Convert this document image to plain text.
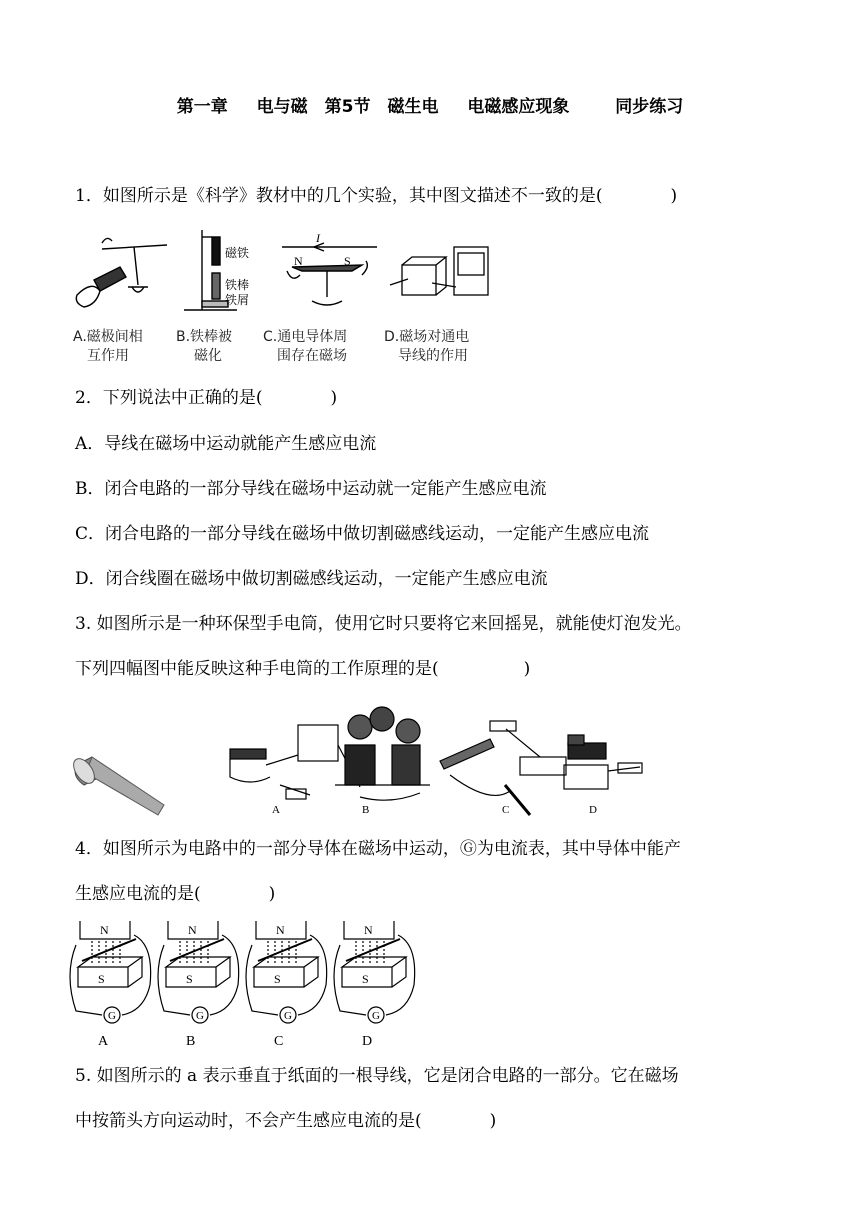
第一章　 电与磁　第5节　磁生电　 电磁感应现象　　 同步练习
1．如图所示是《科学》教材中的几个实验，其中图文描述不一致的是(　　　　)
磁铁
铁棒
铁屑
I
N	S
A.磁极间相
互作用
B.铁棒被
磁化
C.通电导体周
围存在磁场
D.磁场对通电
导线的作用
2．下列说法中正确的是(　　　　)
A．导线在磁场中运动就能产生感应电流
B．闭合电路的一部分导线在磁场中运动就一定能产生感应电流
C．闭合电路的一部分导线在磁场中做切割磁感线运动，一定能产生感应电流
D．闭合线圈在磁场中做切割磁感线运动，一定能产生感应电流
3. 如图所示是一种环保型手电筒，使用它时只要将它来回摇晃，就能使灯泡发光。
下列四幅图中能反映这种手电筒的工作原理的是(　　　　　)
A	B	C	D
4．如图所示为电路中的一部分导体在磁场中运动，Ⓖ为电流表，其中导体中能产
生感应电流的是(　　　　)
G
N
S
A
G
N
S
B
G
N
S
C
G
N
S
D
5. 如图所示的 a 表示垂直于纸面的一根导线，它是闭合电路的一部分。它在磁场
中按箭头方向运动时，不会产生感应电流的是(　　　　)
